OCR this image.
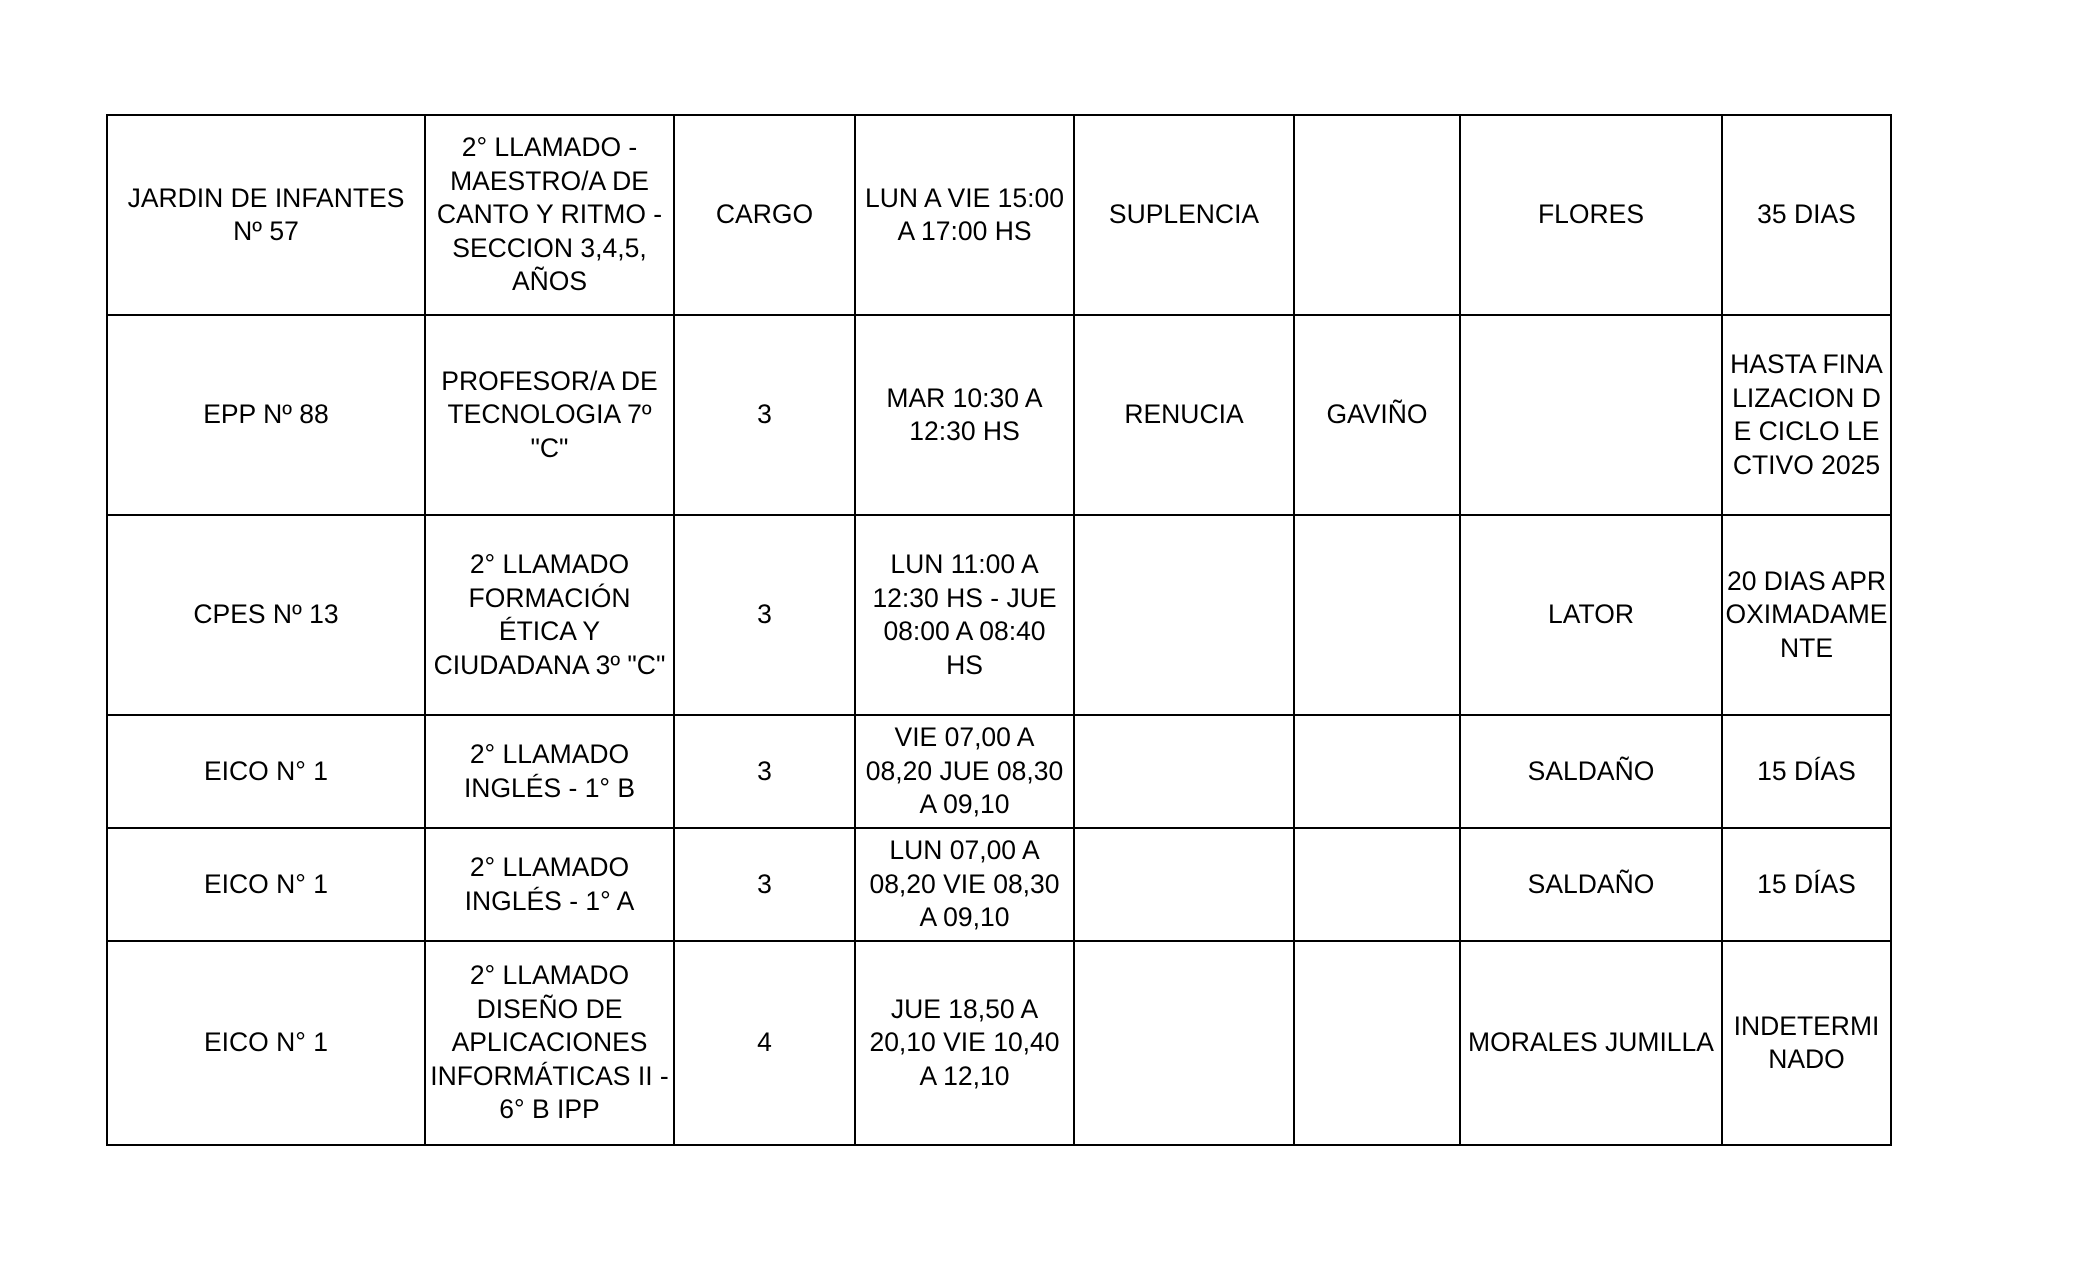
JARDIN DE INFANTES Nº 57	2° LLAMADO - MAESTRO/A DE CANTO Y RITMO - SECCION 3,4,5, AÑOS	CARGO	LUN A VIE 15:00 A 17:00 HS	SUPLENCIA		FLORES	35 DIAS
EPP Nº 88	PROFESOR/A DE TECNOLOGIA 7º "C"	3	MAR 10:30 A 12:30 HS	RENUCIA	GAVIÑO		HASTA FINALIZACION DE CICLO LECTIVO 2025
CPES Nº 13	2° LLAMADO FORMACIÓN ÉTICA Y CIUDADANA 3º "C"	3	LUN 11:00 A 12:30 HS - JUE 08:00 A 08:40 HS			LATOR	20 DIAS APROXIMADAMENTE
EICO N° 1	2° LLAMADO INGLÉS - 1° B	3	VIE 07,00 A 08,20 JUE 08,30 A 09,10			SALDAÑO	15 DÍAS
EICO N° 1	2° LLAMADO INGLÉS - 1° A	3	LUN 07,00 A 08,20 VIE 08,30 A 09,10			SALDAÑO	15 DÍAS
EICO N° 1	2° LLAMADO DISEÑO DE APLICACIONES INFORMÁTICAS II - 6° B IPP	4	JUE 18,50 A 20,10 VIE 10,40 A 12,10			MORALES JUMILLA	INDETERMINADO
